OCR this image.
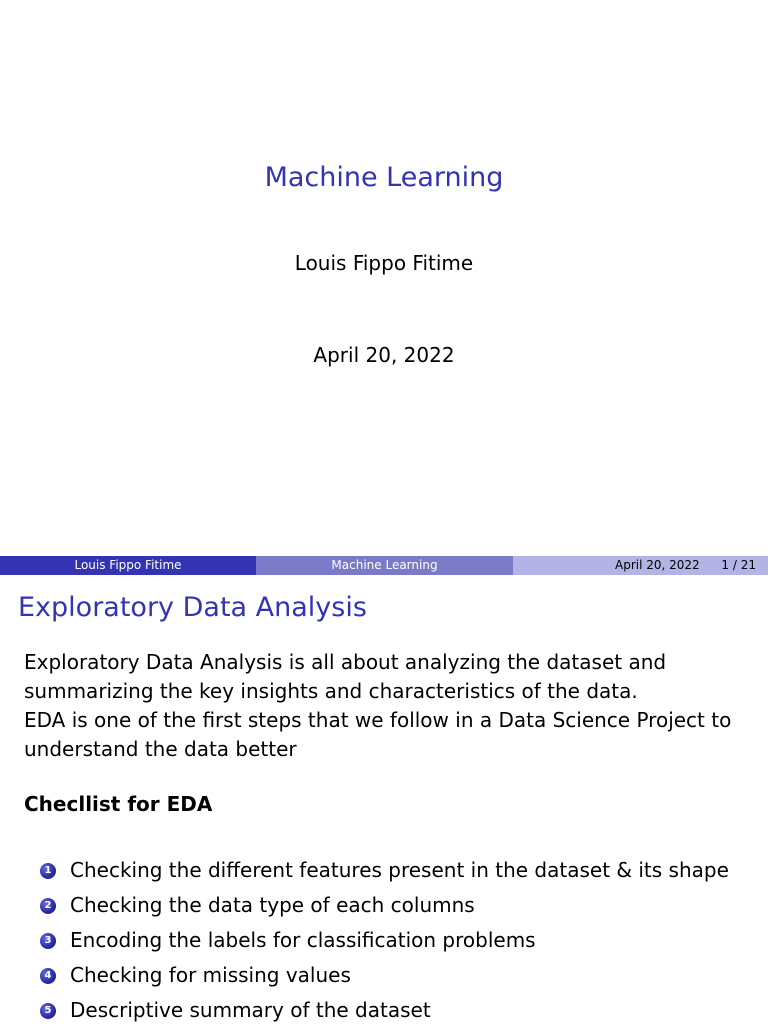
Machine Learning
Louis Fippo Fitime
April 20, 2022
Louis Fippo Fitime	Machine Learning	April 20, 2022 1 / 21
Exploratory Data Analysis
Exploratory Data Analysis is all about analyzing the dataset and
summarizing the key insights and characteristics of the data.
EDA is one of the first steps that we follow in a Data Science Project to
understand the data better
Checllist for EDA
1 Checking the different features present in the dataset & its shape
2 Checking the data type of each columns
3 Encoding the labels for classification problems
4 Checking for missing values
5 Descriptive summary of the dataset
